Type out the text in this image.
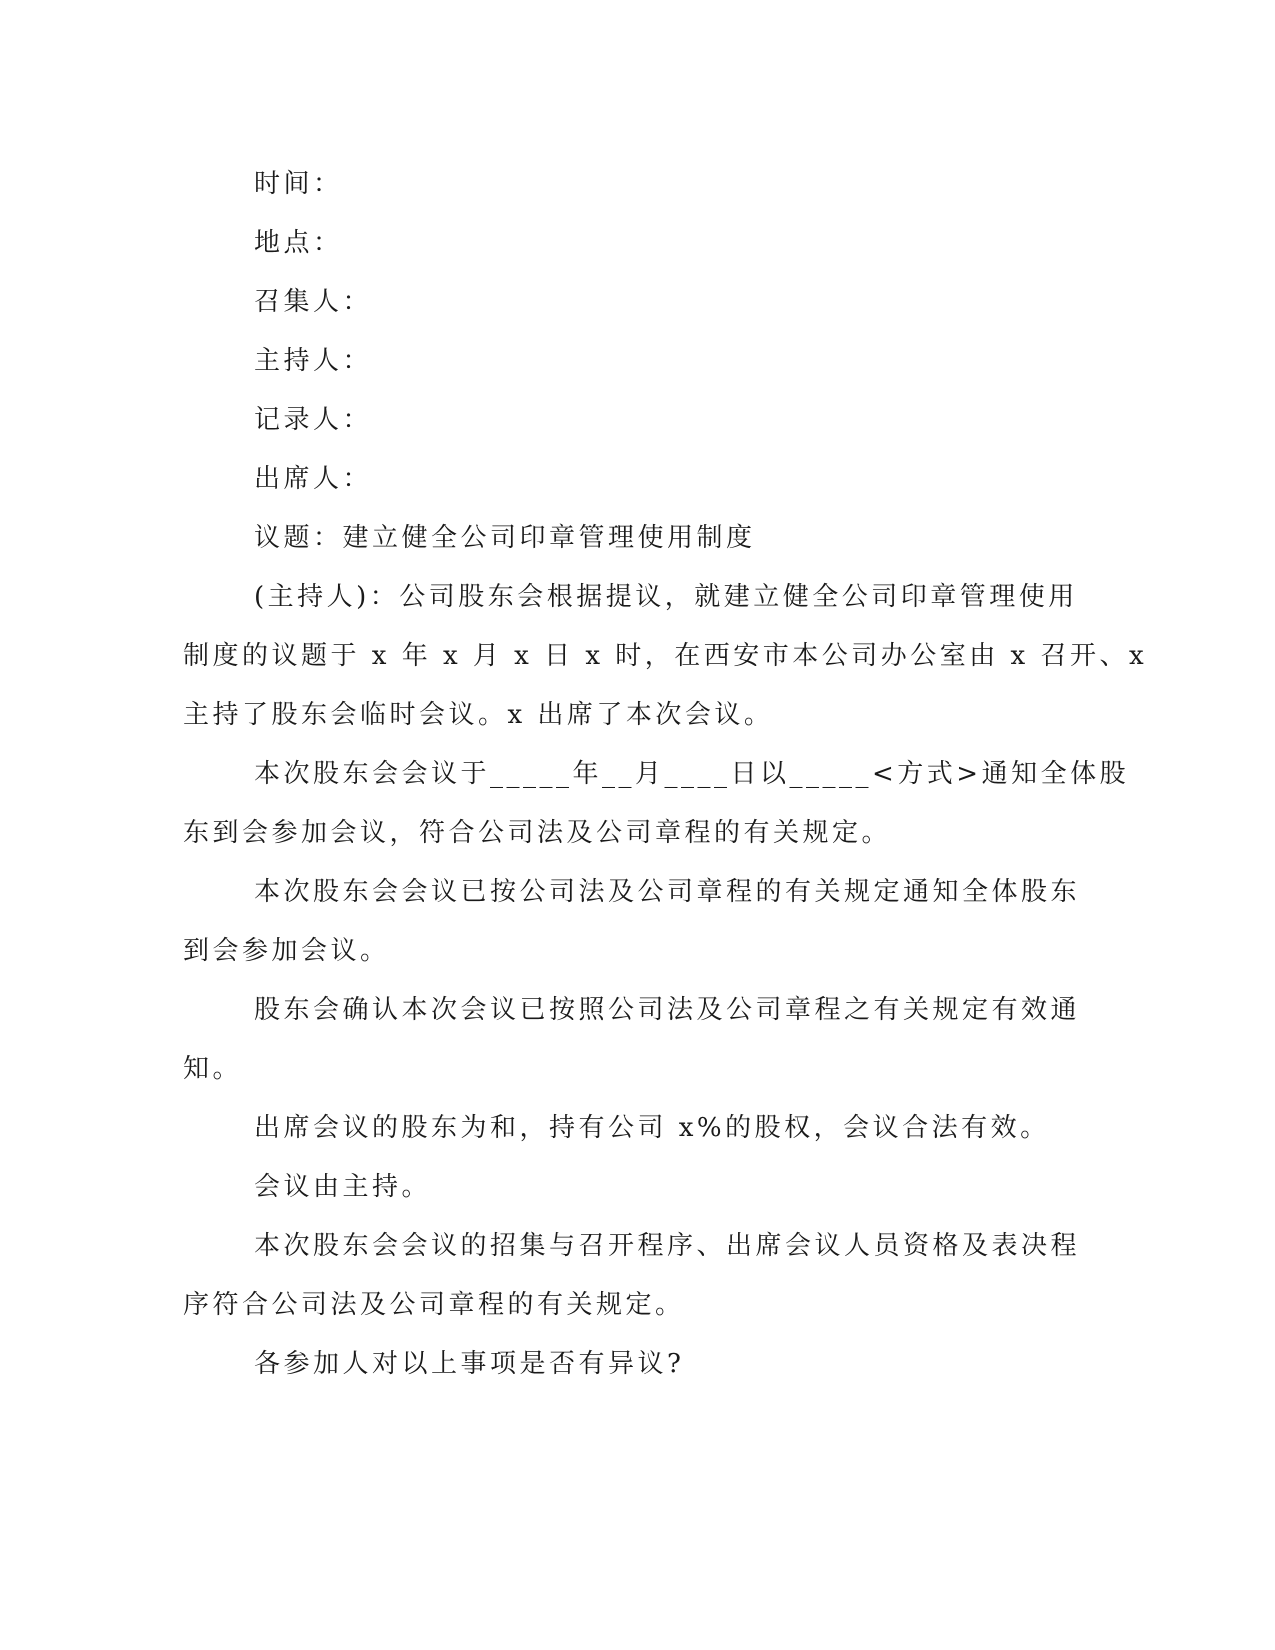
时间：
地点：
召集人：
主持人：
记录人：
出席人：
议题：建立健全公司印章管理使用制度
(主持人)：公司股东会根据提议，就建立健全公司印章管理使用
制度的议题于 x 年 x 月 x 日 x 时，在西安市本公司办公室由 x 召开、x
主持了股东会临时会议。x 出席了本次会议。
本次股东会会议于_____年__月____日以_____<方式>通知全体股
东到会参加会议，符合公司法及公司章程的有关规定。
本次股东会会议已按公司法及公司章程的有关规定通知全体股东
到会参加会议。
股东会确认本次会议已按照公司法及公司章程之有关规定有效通
知。
出席会议的股东为和，持有公司 x%的股权，会议合法有效。
会议由主持。
本次股东会会议的招集与召开程序、出席会议人员资格及表决程
序符合公司法及公司章程的有关规定。
各参加人对以上事项是否有异议?
